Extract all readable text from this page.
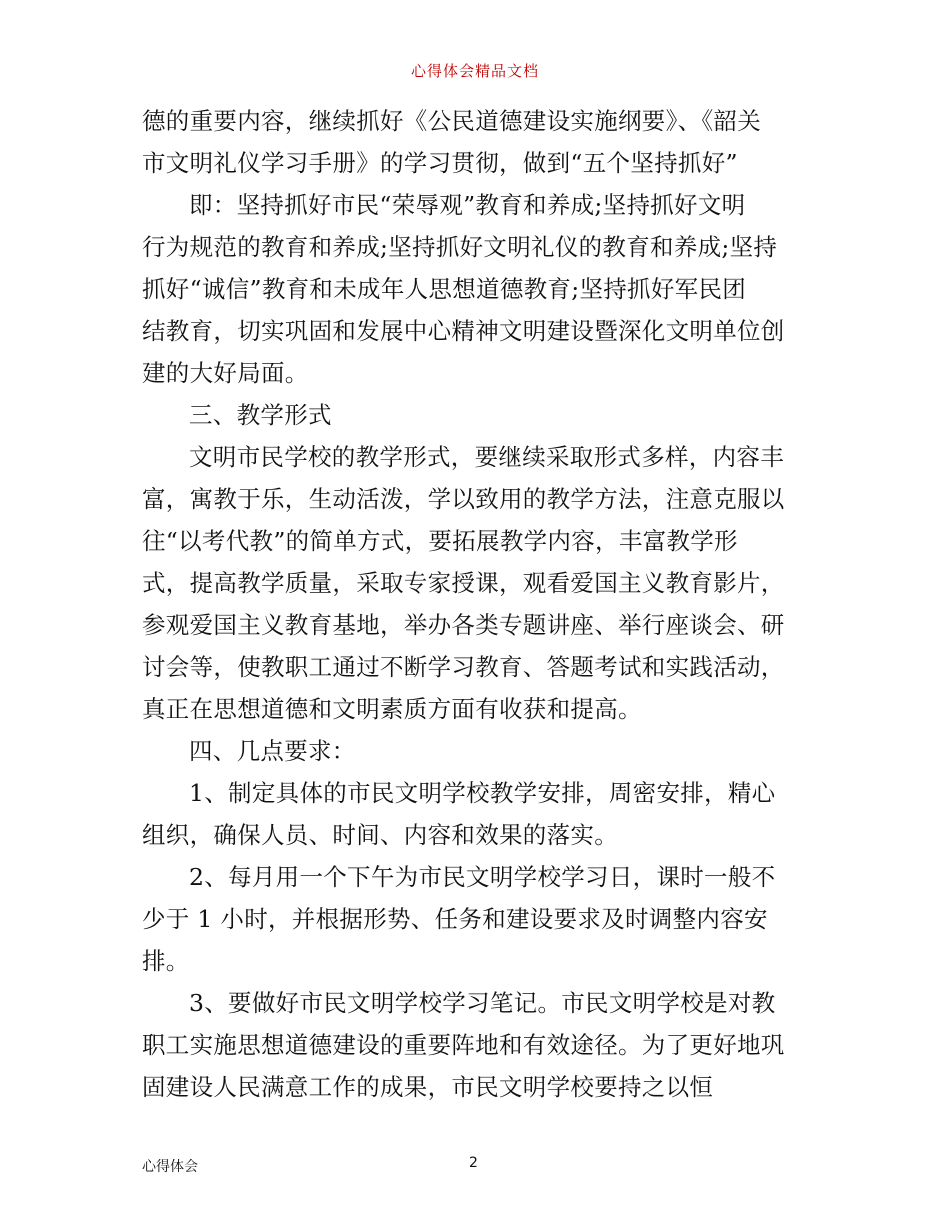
心得体会精品文档
德的重要内容，继续抓好《公民道德建设实施纲要》、《韶关
市文明礼仪学习手册》的学习贯彻，做到“五个坚持抓好”
即：坚持抓好市民“荣辱观”教育和养成;坚持抓好文明
行为规范的教育和养成;坚持抓好文明礼仪的教育和养成;坚持
抓好“诚信”教育和未成年人思想道德教育;坚持抓好军民团
结教育，切实巩固和发展中心精神文明建设暨深化文明单位创
建的大好局面。
三、教学形式
文明市民学校的教学形式，要继续采取形式多样，内容丰
富，寓教于乐，生动活泼，学以致用的教学方法，注意克服以
往“以考代教”的简单方式，要拓展教学内容，丰富教学形
式，提高教学质量，采取专家授课，观看爱国主义教育影片，
参观爱国主义教育基地，举办各类专题讲座、举行座谈会、研
讨会等，使教职工通过不断学习教育、答题考试和实践活动，
真正在思想道德和文明素质方面有收获和提高。
四、几点要求：
1、制定具体的市民文明学校教学安排，周密安排，精心
组织，确保人员、时间、内容和效果的落实。
2、每月用一个下午为市民文明学校学习日，课时一般不
少于 1 小时，并根据形势、任务和建设要求及时调整内容安
排。
3、要做好市民文明学校学习笔记。市民文明学校是对教
职工实施思想道德建设的重要阵地和有效途径。为了更好地巩
固建设人民满意工作的成果，市民文明学校要持之以恒
心得体会	2
